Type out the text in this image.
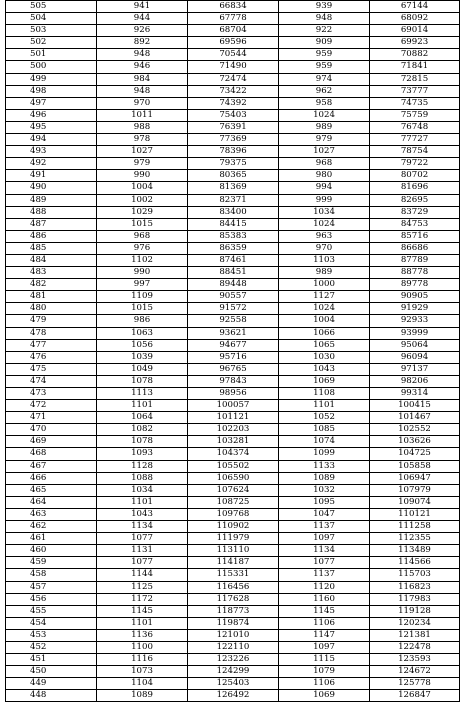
505	941	66834	939	67144
504	944	67778	948	68092
503	926	68704	922	69014
502	892	69596	909	69923
501	948	70544	959	70882
500	946	71490	959	71841
499	984	72474	974	72815
498	948	73422	962	73777
497	970	74392	958	74735
496	1011	75403	1024	75759
495	988	76391	989	76748
494	978	77369	979	77727
493	1027	78396	1027	78754
492	979	79375	968	79722
491	990	80365	980	80702
490	1004	81369	994	81696
489	1002	82371	999	82695
488	1029	83400	1034	83729
487	1015	84415	1024	84753
486	968	85383	963	85716
485	976	86359	970	86686
484	1102	87461	1103	87789
483	990	88451	989	88778
482	997	89448	1000	89778
481	1109	90557	1127	90905
480	1015	91572	1024	91929
479	986	92558	1004	92933
478	1063	93621	1066	93999
477	1056	94677	1065	95064
476	1039	95716	1030	96094
475	1049	96765	1043	97137
474	1078	97843	1069	98206
473	1113	98956	1108	99314
472	1101	100057	1101	100415
471	1064	101121	1052	101467
470	1082	102203	1085	102552
469	1078	103281	1074	103626
468	1093	104374	1099	104725
467	1128	105502	1133	105858
466	1088	106590	1089	106947
465	1034	107624	1032	107979
464	1101	108725	1095	109074
463	1043	109768	1047	110121
462	1134	110902	1137	111258
461	1077	111979	1097	112355
460	1131	113110	1134	113489
459	1077	114187	1077	114566
458	1144	115331	1137	115703
457	1125	116456	1120	116823
456	1172	117628	1160	117983
455	1145	118773	1145	119128
454	1101	119874	1106	120234
453	1136	121010	1147	121381
452	1100	122110	1097	122478
451	1116	123226	1115	123593
450	1073	124299	1079	124672
449	1104	125403	1106	125778
448	1089	126492	1069	126847
